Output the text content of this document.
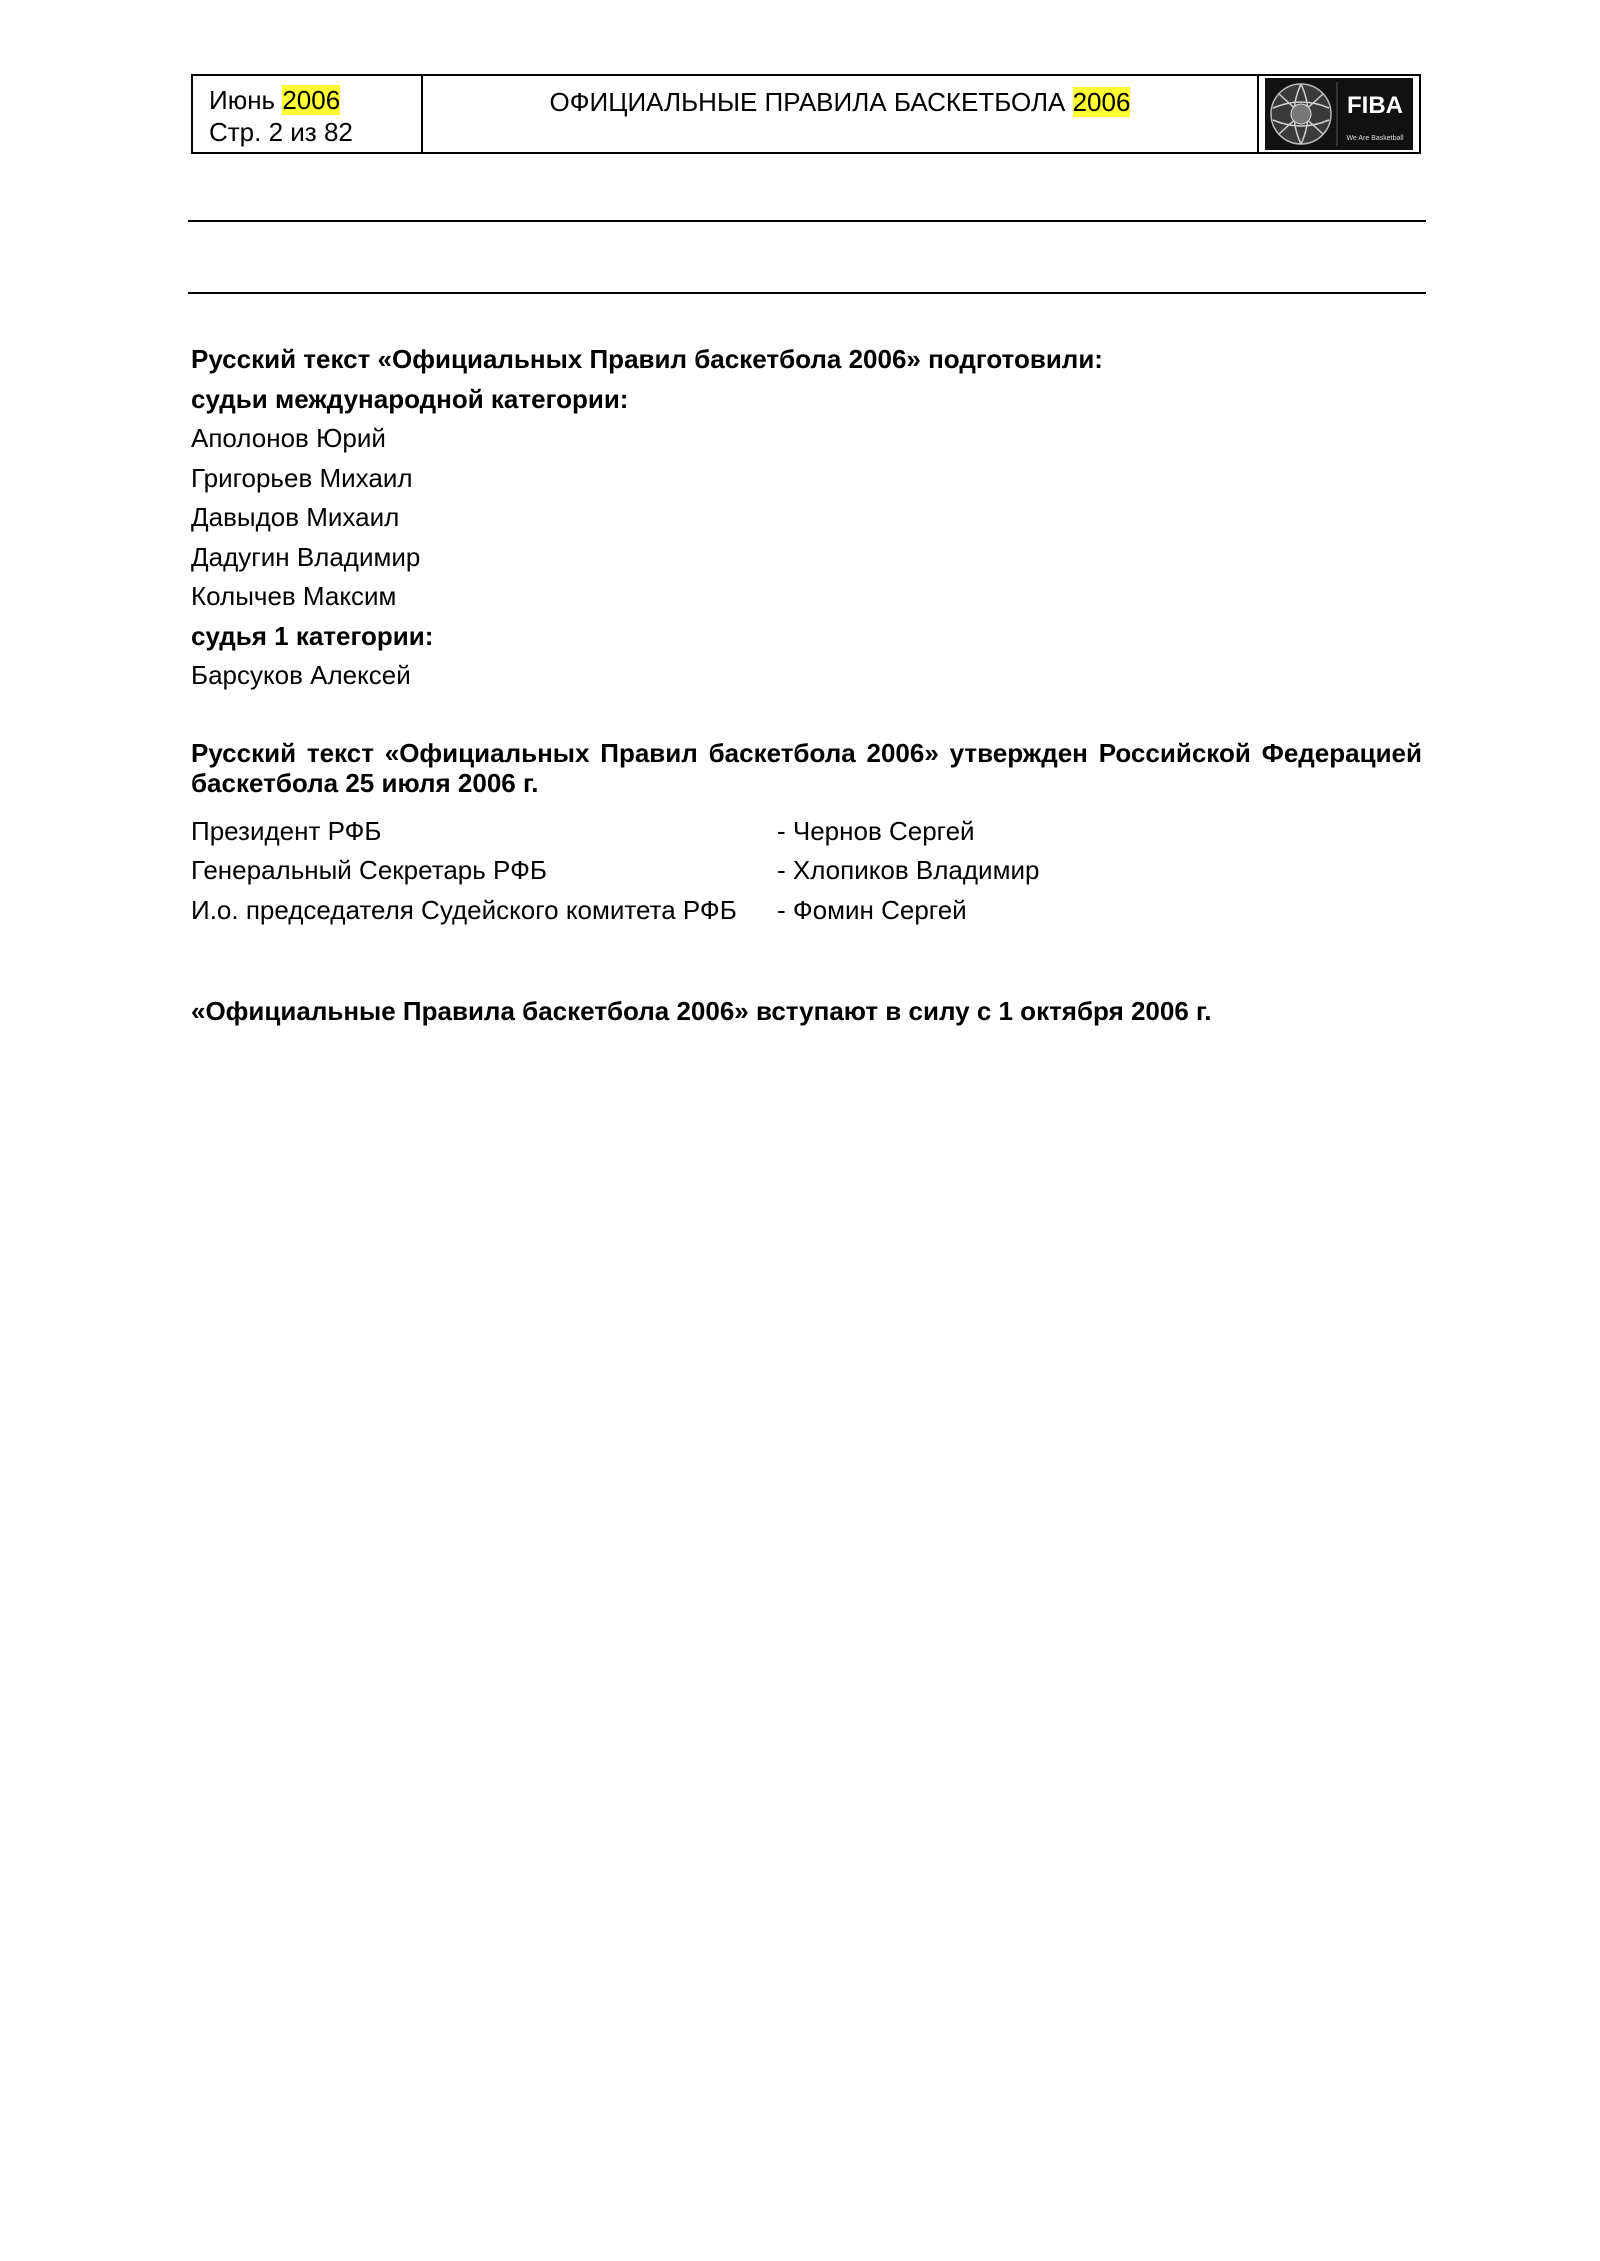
Июнь 2006
Стр. 2 из 82
ОФИЦИАЛЬНЫЕ ПРАВИЛА БАСКЕТБОЛА 2006	FIBA
We Are Basketball
Русский текст «Официальных Правил баскетбола 2006» подготовили:
судьи международной категории:
Аполонов Юрий
Григорьев Михаил
Давыдов Михаил
Дадугин Владимир
Колычев Максим
судья 1 категории:
Барсуков Алексей
Русский текст «Официальных Правил баскетбола 2006» утвержден Российской Федерацией баскетбола 25 июля 2006 г.
Президент РФБ	- Чернов Сергей
Генеральный Секретарь РФБ	- Хлопиков Владимир
И.о. председателя Судейского комитета РФБ	- Фомин Сергей
«Официальные Правила баскетбола 2006» вступают в силу с 1 октября 2006 г.
